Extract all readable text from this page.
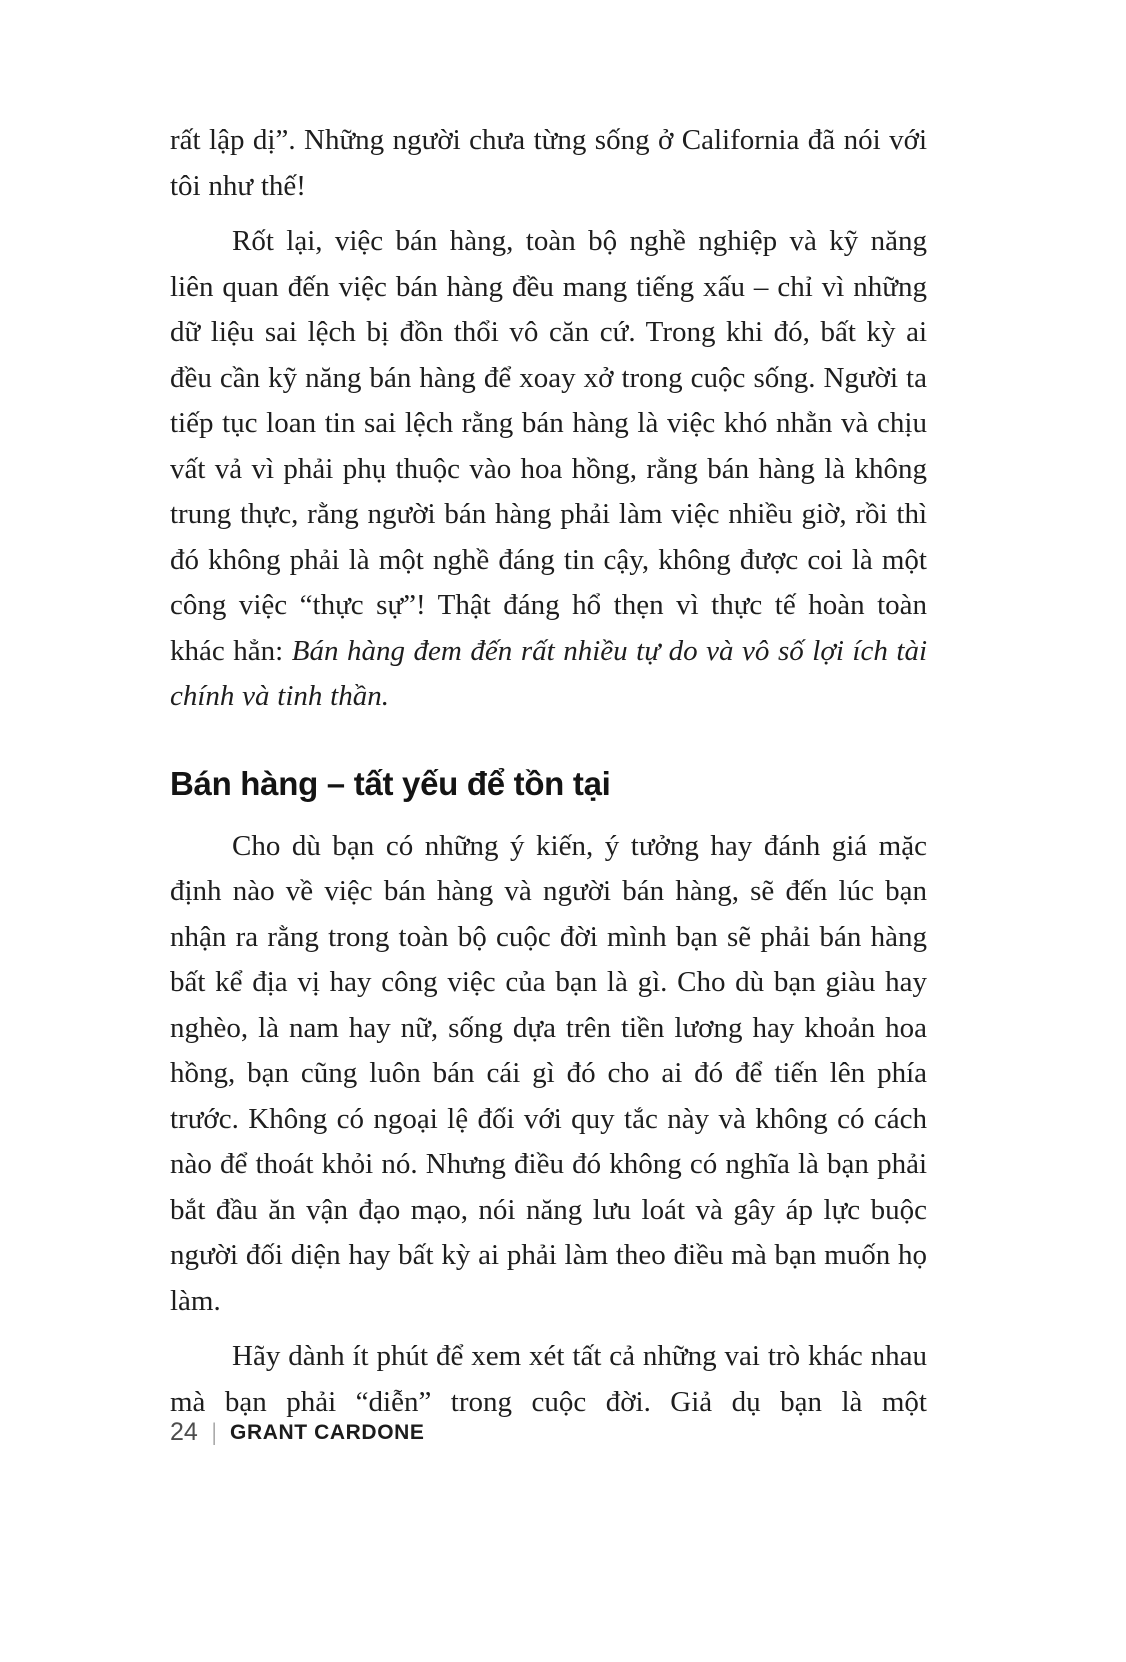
rất lập dị”. Những người chưa từng sống ở California đã nói với tôi như thế!

Rốt lại, việc bán hàng, toàn bộ nghề nghiệp và kỹ năng liên quan đến việc bán hàng đều mang tiếng xấu – chỉ vì những dữ liệu sai lệch bị đồn thổi vô căn cứ. Trong khi đó, bất kỳ ai đều cần kỹ năng bán hàng để xoay xở trong cuộc sống. Người ta tiếp tục loan tin sai lệch rằng bán hàng là việc khó nhằn và chịu vất vả vì phải phụ thuộc vào hoa hồng, rằng bán hàng là không trung thực, rằng người bán hàng phải làm việc nhiều giờ, rồi thì đó không phải là một nghề đáng tin cậy, không được coi là một công việc “thực sự”! Thật đáng hổ thẹn vì thực tế hoàn toàn khác hẳn: Bán hàng đem đến rất nhiều tự do và vô số lợi ích tài chính và tinh thần.

Bán hàng – tất yếu để tồn tại

Cho dù bạn có những ý kiến, ý tưởng hay đánh giá mặc định nào về việc bán hàng và người bán hàng, sẽ đến lúc bạn nhận ra rằng trong toàn bộ cuộc đời mình bạn sẽ phải bán hàng bất kể địa vị hay công việc của bạn là gì. Cho dù bạn giàu hay nghèo, là nam hay nữ, sống dựa trên tiền lương hay khoản hoa hồng, bạn cũng luôn bán cái gì đó cho ai đó để tiến lên phía trước. Không có ngoại lệ đối với quy tắc này và không có cách nào để thoát khỏi nó. Nhưng điều đó không có nghĩa là bạn phải bắt đầu ăn vận đạo mạo, nói năng lưu loát và gây áp lực buộc người đối diện hay bất kỳ ai phải làm theo điều mà bạn muốn họ làm.

Hãy dành ít phút để xem xét tất cả những vai trò khác nhau mà bạn phải “diễn” trong cuộc đời. Giả dụ bạn là một

24 | GRANT CARDONE
